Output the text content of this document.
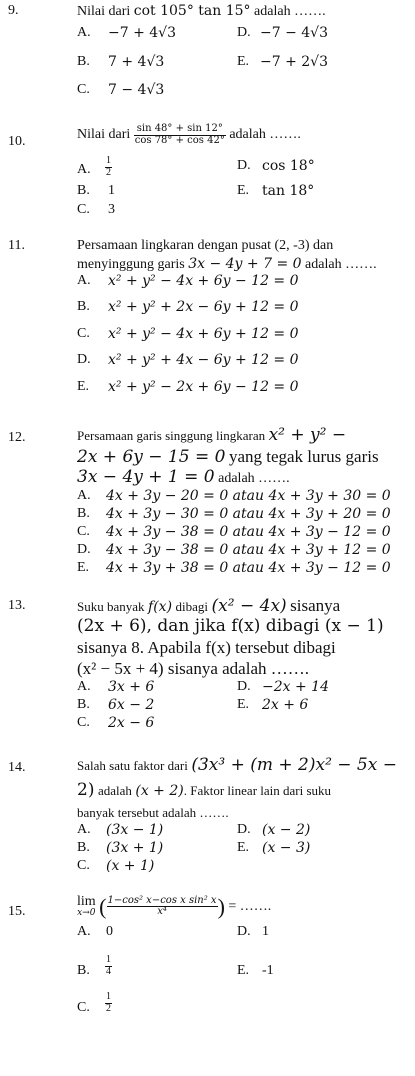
9.	Nilai dari cot 105° tan 15° adalah …….
A. −7 + 4√3	D. −7 − 4√3
B. 7 + 4√3	E. −7 + 2√3
C. 7 − 4√3
10.	Nilai dari $\frac{\sin 48^\circ + \sin 12^\circ}{\cos 78^\circ + \cos 42^\circ}$ adalah …….
A. $\frac{1}{2}$	D. cos 18°
B. 1	E. tan 18°
C. 3
11.	Persamaan lingkaran dengan pusat (2, -3) dan
menyinggung garis 3x − 4y + 7 = 0 adalah …….
A. x² + y² − 4x + 6y − 12 = 0
B. x² + y² + 2x − 6y + 12 = 0
C. x² + y² − 4x + 6y + 12 = 0
D. x² + y² + 4x − 6y + 12 = 0
E. x² + y² − 2x + 6y − 12 = 0
12.	Persamaan garis singgung lingkaran x² + y² −
2x + 6y − 15 = 0 yang tegak lurus garis
3x − 4y + 1 = 0 adalah …….
A. 4x + 3y − 20 = 0 atau 4x + 3y + 30 = 0
B. 4x + 3y − 30 = 0 atau 4x + 3y + 20 = 0
C. 4x + 3y − 38 = 0 atau 4x + 3y − 12 = 0
D. 4x + 3y − 38 = 0 atau 4x + 3y + 12 = 0
E. 4x + 3y + 38 = 0 atau 4x + 3y − 12 = 0
13.	Suku banyak f(x) dibagi (x² − 4x) sisanya
(2x + 6), dan jika f(x) dibagi (x − 1)
sisanya 8. Apabila f(x) tersebut dibagi
(x² − 5x + 4) sisanya adalah …….
A. 3x + 6	D. −2x + 14
B. 6x − 2	E. 2x + 6
C. 2x − 6
14.	Salah satu faktor dari (3x³ + (m + 2)x² − 5x −
2) adalah (x + 2). Faktor linear lain dari suku
banyak tersebut adalah …….
A. (3x − 1)	D. (x − 2)
B. (3x + 1)	E. (x − 3)
C. (x + 1)
15.
lim
x→0 ( $\frac{\text{1−cos² x−cos x sin² x}}{\text{x⁴}}$ ) = …….
A. 0	D. 1
B. $\frac{1}{4}$	E. -1
C. $\frac{1}{2}$
